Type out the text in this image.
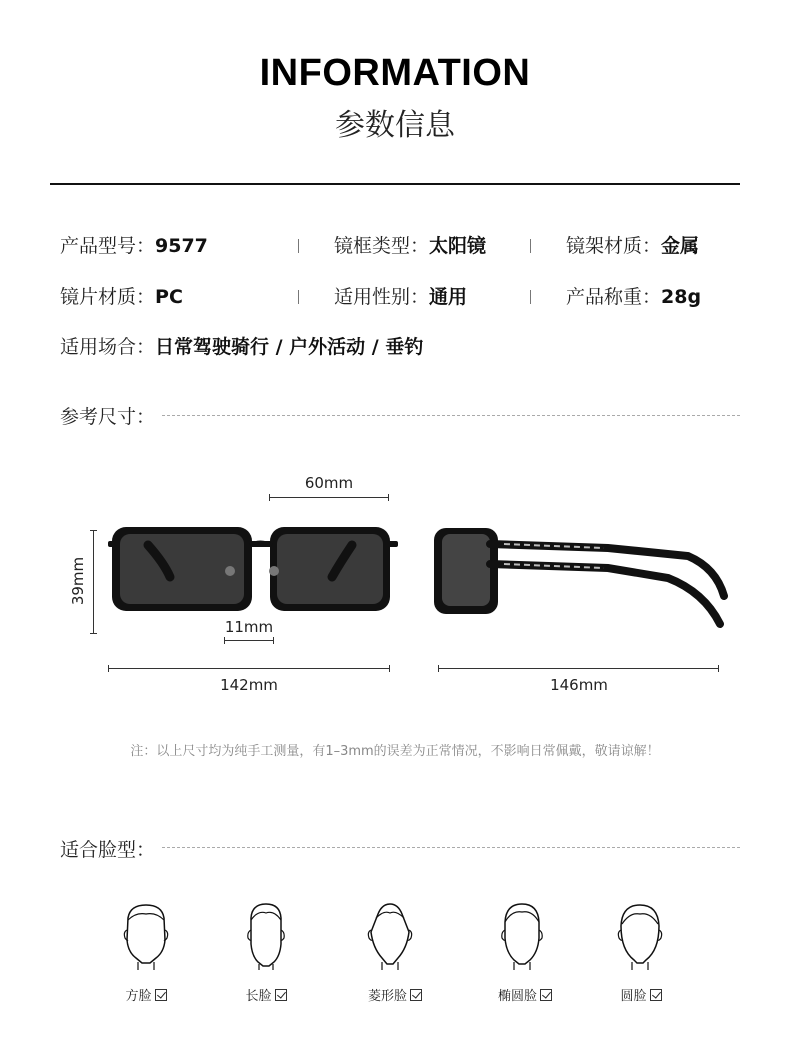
INFORMATION
参数信息
产品型号：9577	镜框类型：太阳镜	镜架材质：金属
镜片材质：PC	适用性别：通用	产品称重：28g
适用场合：日常驾驶骑行 / 户外活动 / 垂钓
参考尺寸：
60mm
39mm
11mm
142mm	146mm
注：以上尺寸均为纯手工测量，有1–3mm的误差为正常情况，不影响日常佩戴，敬请谅解！
适合脸型：
方脸	长脸	菱形脸	椭圆脸	圆脸
